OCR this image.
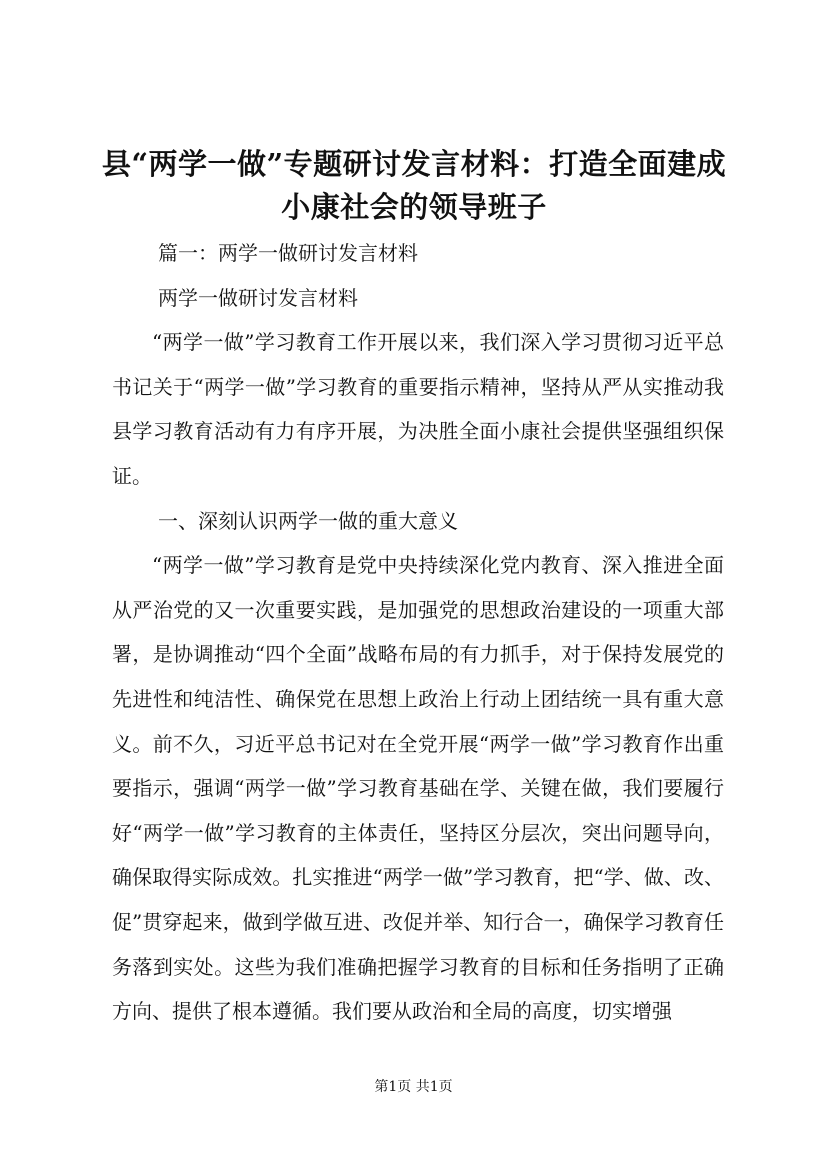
县“两学一做”专题研讨发言材料：打造全面建成小康社会的领导班子

篇一：两学一做研讨发言材料

两学一做研讨发言材料

“两学一做”学习教育工作开展以来，我们深入学习贯彻习近平总书记关于“两学一做”学习教育的重要指示精神，坚持从严从实推动我县学习教育活动有力有序开展，为决胜全面小康社会提供坚强组织保证。

一、深刻认识两学一做的重大意义

“两学一做”学习教育是党中央持续深化党内教育、深入推进全面从严治党的又一次重要实践，是加强党的思想政治建设的一项重大部署，是协调推动“四个全面”战略布局的有力抓手，对于保持发展党的先进性和纯洁性、确保党在思想上政治上行动上团结统一具有重大意义。前不久，习近平总书记对在全党开展“两学一做”学习教育作出重要指示，强调“两学一做”学习教育基础在学、关键在做，我们要履行好“两学一做”学习教育的主体责任，坚持区分层次，突出问题导向，确保取得实际成效。扎实推进“两学一做”学习教育，把“学、做、改、促”贯穿起来，做到学做互进、改促并举、知行合一，确保学习教育任务落到实处。这些为我们准确把握学习教育的目标和任务指明了正确方向、提供了根本遵循。我们要从政治和全局的高度，切实增强

第1页 共1页
